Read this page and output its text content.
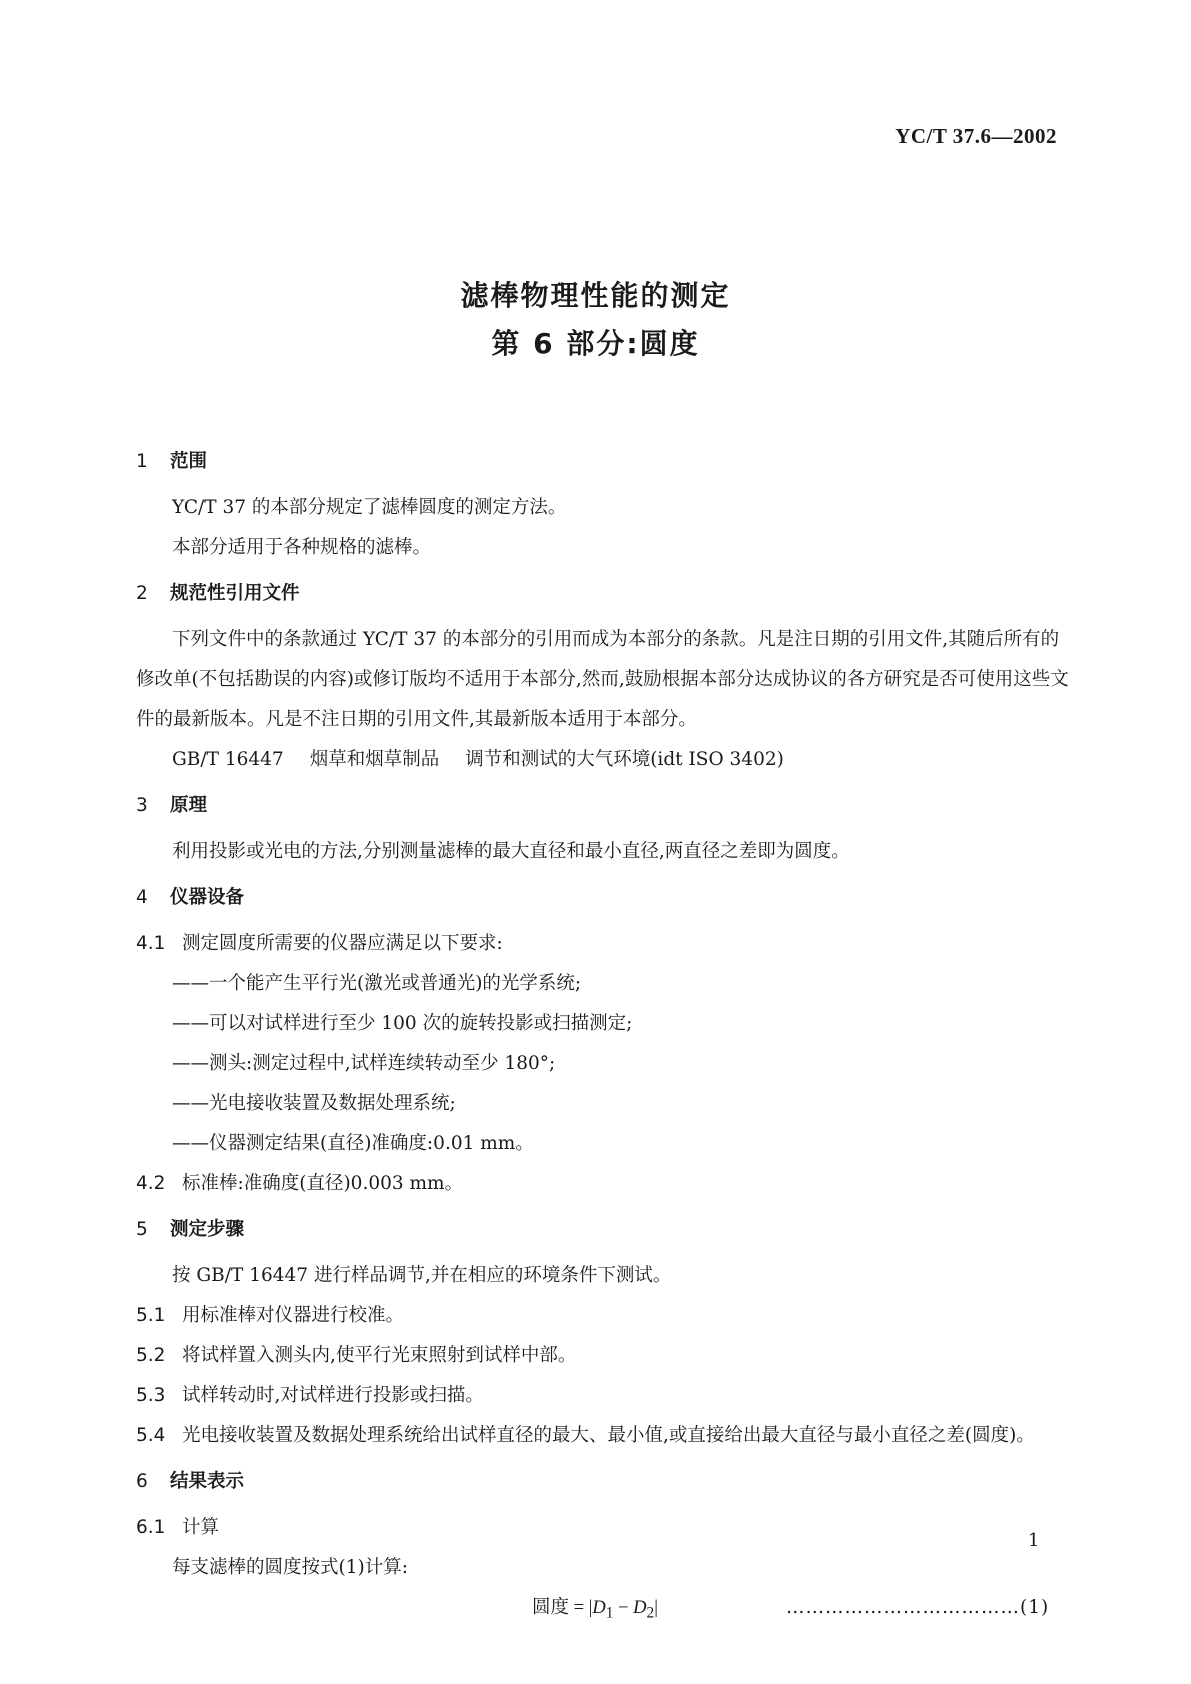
YC/T 37.6—2002
滤棒物理性能的测定
第 6 部分:圆度
1 范围
YC/T 37 的本部分规定了滤棒圆度的测定方法。
本部分适用于各种规格的滤棒。
2 规范性引用文件
下列文件中的条款通过 YC/T 37 的本部分的引用而成为本部分的条款。凡是注日期的引用文件,其随后所有的修改单(不包括勘误的内容)或修订版均不适用于本部分,然而,鼓励根据本部分达成协议的各方研究是否可使用这些文件的最新版本。凡是不注日期的引用文件,其最新版本适用于本部分。
GB/T 16447 烟草和烟草制品 调节和测试的大气环境(idt ISO 3402)
3 原理
利用投影或光电的方法,分别测量滤棒的最大直径和最小直径,两直径之差即为圆度。
4 仪器设备
4.1 测定圆度所需要的仪器应满足以下要求:
——一个能产生平行光(激光或普通光)的光学系统;
——可以对试样进行至少 100 次的旋转投影或扫描测定;
——测头:测定过程中,试样连续转动至少 180°;
——光电接收装置及数据处理系统;
——仪器测定结果(直径)准确度:0.01 mm。
4.2 标准棒:准确度(直径)0.003 mm。
5 测定步骤
按 GB/T 16447 进行样品调节,并在相应的环境条件下测试。
5.1 用标准棒对仪器进行校准。
5.2 将试样置入测头内,使平行光束照射到试样中部。
5.3 试样转动时,对试样进行投影或扫描。
5.4 光电接收装置及数据处理系统给出试样直径的最大、最小值,或直接给出最大直径与最小直径之差(圆度)。
6 结果表示
6.1 计算
每支滤棒的圆度按式(1)计算:
圆度 = $|D_1 - D_2|$	………………………………(1)
1
